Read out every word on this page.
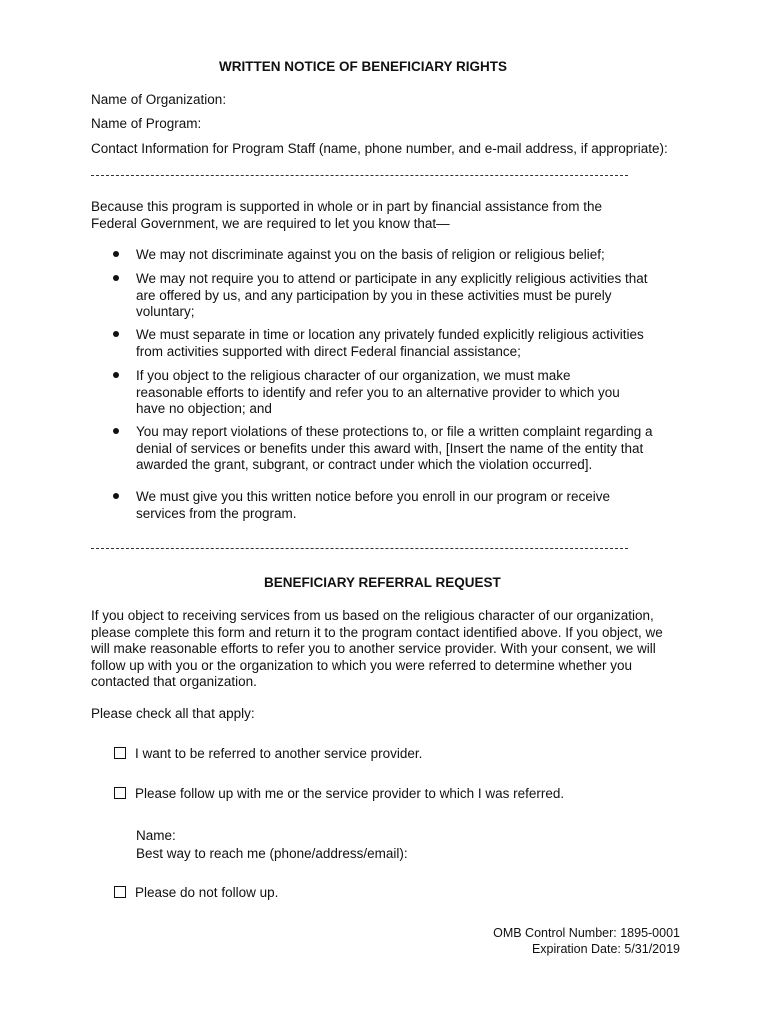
WRITTEN NOTICE OF BENEFICIARY RIGHTS
Name of Organization:
Name of Program:
Contact Information for Program Staff (name, phone number, and e-mail address, if appropriate):
Because this program is supported in whole or in part by financial assistance from the
Federal Government, we are required to let you know that—
We may not discriminate against you on the basis of religion or religious belief;
We may not require you to attend or participate in any explicitly religious activities that
are offered by us, and any participation by you in these activities must be purely
voluntary;
We must separate in time or location any privately funded explicitly religious activities
from activities supported with direct Federal financial assistance;
If you object to the religious character of our organization, we must make
reasonable efforts to identify and refer you to an alternative provider to which you
have no objection; and
You may report violations of these protections to, or file a written complaint regarding a
denial of services or benefits under this award with, [Insert the name of the entity that
awarded the grant, subgrant, or contract under which the violation occurred].
We must give you this written notice before you enroll in our program or receive
services from the program.
BENEFICIARY REFERRAL REQUEST
If you object to receiving services from us based on the religious character of our organization,
please complete this form and return it to the program contact identified above. If you object, we
will make reasonable efforts to refer you to another service provider. With your consent, we will
follow up with you or the organization to which you were referred to determine whether you
contacted that organization.
Please check all that apply:
I want to be referred to another service provider.
Please follow up with me or the service provider to which I was referred.
Name:
Best way to reach me (phone/address/email):
Please do not follow up.
OMB Control Number: 1895-0001
Expiration Date: 5/31/2019
